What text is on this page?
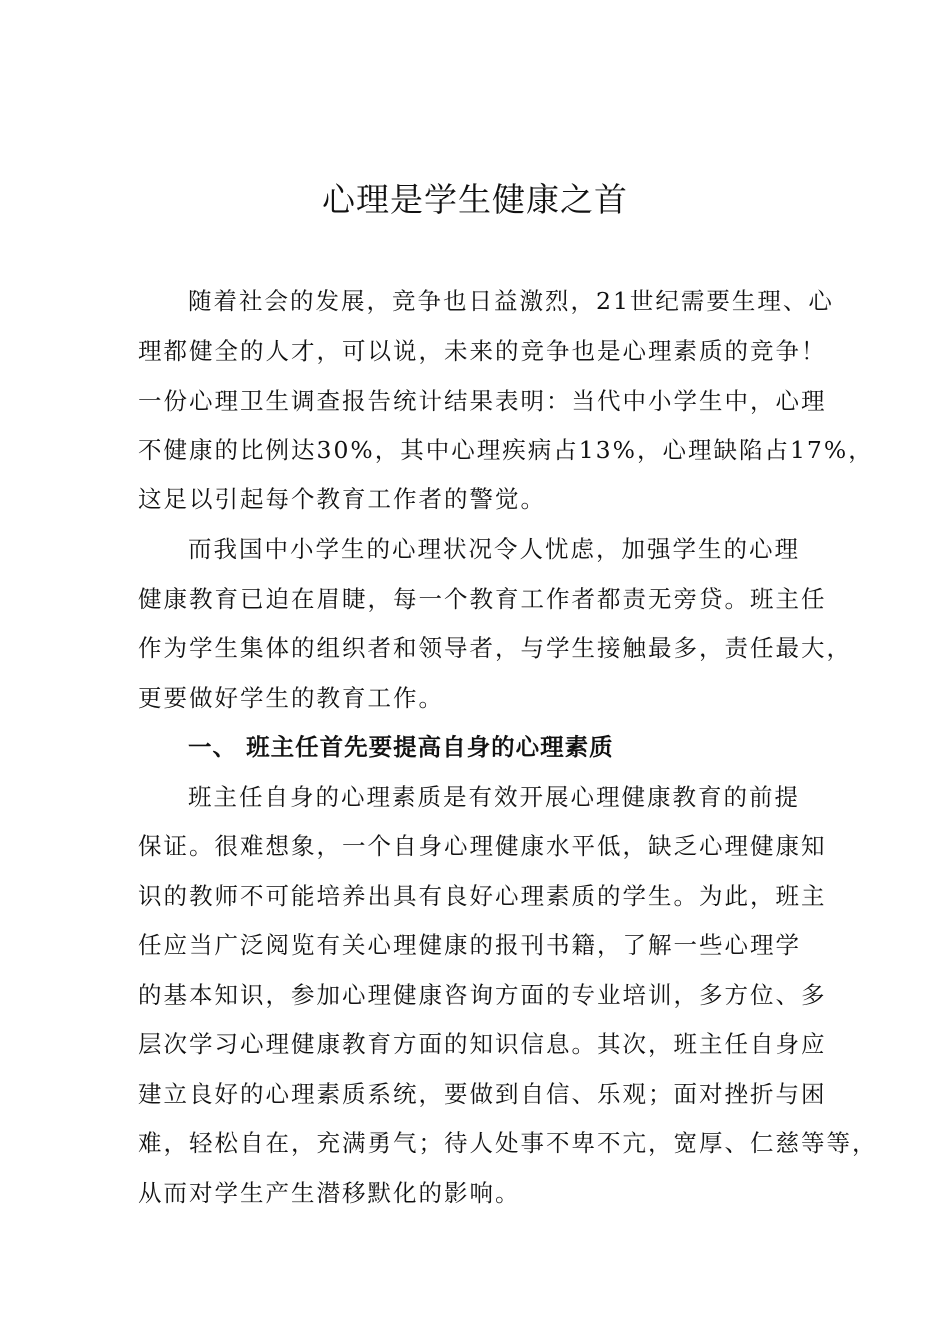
心理是学生健康之首
随着社会的发展，竞争也日益激烈，21世纪需要生理、心
理都健全的人才，可以说，未来的竞争也是心理素质的竞争！
一份心理卫生调查报告统计结果表明：当代中小学生中，心理
不健康的比例达30%，其中心理疾病占13%，心理缺陷占17%，
这足以引起每个教育工作者的警觉。
而我国中小学生的心理状况令人忧虑，加强学生的心理
健康教育已迫在眉睫，每一个教育工作者都责无旁贷。班主任
作为学生集体的组织者和领导者，与学生接触最多，责任最大，
更要做好学生的教育工作。
一、 班主任首先要提高自身的心理素质
班主任自身的心理素质是有效开展心理健康教育的前提
保证。很难想象，一个自身心理健康水平低，缺乏心理健康知
识的教师不可能培养出具有良好心理素质的学生。为此，班主
任应当广泛阅览有关心理健康的报刊书籍，了解一些心理学
的基本知识，参加心理健康咨询方面的专业培训，多方位、多
层次学习心理健康教育方面的知识信息。其次，班主任自身应
建立良好的心理素质系统，要做到自信、乐观；面对挫折与困
难，轻松自在，充满勇气；待人处事不卑不亢，宽厚、仁慈等等，
从而对学生产生潜移默化的影响。
